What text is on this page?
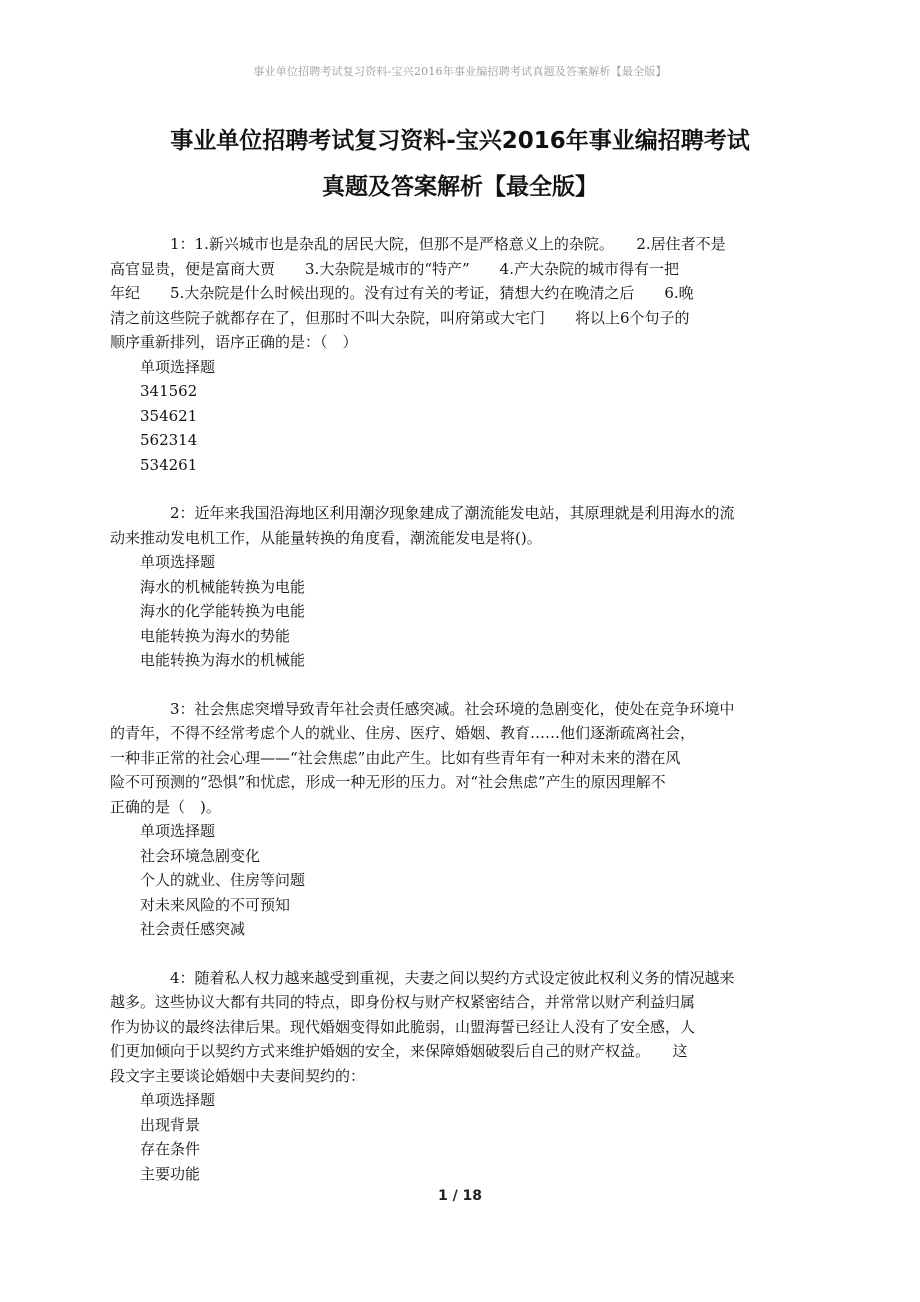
事业单位招聘考试复习资料-宝兴2016年事业编招聘考试真题及答案解析【最全版】
事业单位招聘考试复习资料-宝兴2016年事业编招聘考试
真题及答案解析【最全版】
1：1.新兴城市也是杂乱的居民大院，但那不是严格意义上的杂院。　　2.居住者不是
高官显贵，便是富商大贾　　3.大杂院是城市的“特产”　　4.产大杂院的城市得有一把
年纪　　5.大杂院是什么时候出现的。没有过有关的考证，猜想大约在晚清之后　　6.晚
清之前这些院子就都存在了，但那时不叫大杂院，叫府第或大宅门　　将以上6个句子的
顺序重新排列，语序正确的是：（　）
单项选择题
341562
354621
562314
534261
2：近年来我国沿海地区利用潮汐现象建成了潮流能发电站，其原理就是利用海水的流
动来推动发电机工作，从能量转换的角度看，潮流能发电是将()。
单项选择题
海水的机械能转换为电能
海水的化学能转换为电能
电能转换为海水的势能
电能转换为海水的机械能
3：社会焦虑突增导致青年社会责任感突减。社会环境的急剧变化，使处在竞争环境中
的青年，不得不经常考虑个人的就业、住房、医疗、婚姻、教育……他们逐渐疏离社会，
一种非正常的社会心理——“社会焦虑”由此产生。比如有些青年有一种对未来的潜在风
险不可预测的“恐惧”和忧虑，形成一种无形的压力。对“社会焦虑”产生的原因理解不
正确的是（　)。
单项选择题
社会环境急剧变化
个人的就业、住房等问题
对未来风险的不可预知
社会责任感突减
4：随着私人权力越来越受到重视，夫妻之间以契约方式设定彼此权利义务的情况越来
越多。这些协议大都有共同的特点，即身份权与财产权紧密结合，并常常以财产利益归属
作为协议的最终法律后果。现代婚姻变得如此脆弱，山盟海誓已经让人没有了安全感，人
们更加倾向于以契约方式来维护婚姻的安全，来保障婚姻破裂后自己的财产权益。　　这
段文字主要谈论婚姻中夫妻间契约的：
单项选择题
出现背景
存在条件
主要功能
1 / 18
